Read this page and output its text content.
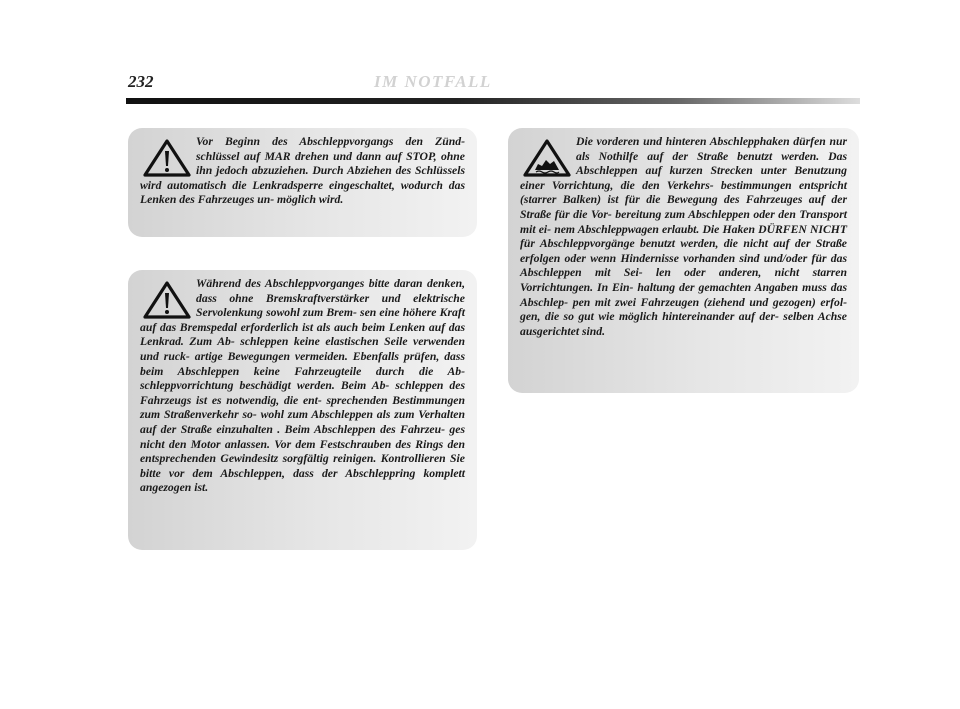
232	IM NOTFALL

Vor Beginn des Abschleppvorgangs den Zünd- schlüssel auf MAR drehen und dann auf STOP, ohne ihn jedoch abzuziehen. Durch Abziehen des Schlüssels wird automatisch die Lenkradsperre eingeschaltet, wodurch das Lenken des Fahrzeuges un- möglich wird.

Während des Abschleppvorganges bitte daran denken, dass ohne Bremskraftverstärker und elektrische Servolenkung sowohl zum Brem- sen eine höhere Kraft auf das Bremspedal erforderlich ist als auch beim Lenken auf das Lenkrad. Zum Ab- schleppen keine elastischen Seile verwenden und ruck- artige Bewegungen vermeiden. Ebenfalls prüfen, dass beim Abschleppen keine Fahrzeugteile durch die Ab- schleppvorrichtung beschädigt werden. Beim Ab- schleppen des Fahrzeugs ist es notwendig, die ent- sprechenden Bestimmungen zum Straßenverkehr so- wohl zum Abschleppen als zum Verhalten auf der Straße einzuhalten . Beim Abschleppen des Fahrzeu- ges nicht den Motor anlassen. Vor dem Festschrauben des Rings den entsprechenden Gewindesitz sorgfältig reinigen. Kontrollieren Sie bitte vor dem Abschleppen, dass der Abschleppring komplett angezogen ist.

Die vorderen und hinteren Abschlepphaken dürfen nur als Nothilfe auf der Straße benutzt werden. Das Abschleppen auf kurzen Strecken unter Benutzung einer Vorrichtung, die den Verkehrs- bestimmungen entspricht (starrer Balken) ist für die Bewegung des Fahrzeuges auf der Straße für die Vor- bereitung zum Abschleppen oder den Transport mit ei- nem Abschleppwagen erlaubt. Die Haken DÜRFEN NICHT für Abschleppvorgänge benutzt werden, die nicht auf der Straße erfolgen oder wenn Hindernisse vorhanden sind und/oder für das Abschleppen mit Sei- len oder anderen, nicht starren Vorrichtungen. In Ein- haltung der gemachten Angaben muss das Abschlep- pen mit zwei Fahrzeugen (ziehend und gezogen) erfol- gen, die so gut wie möglich hintereinander auf der- selben Achse ausgerichtet sind.
